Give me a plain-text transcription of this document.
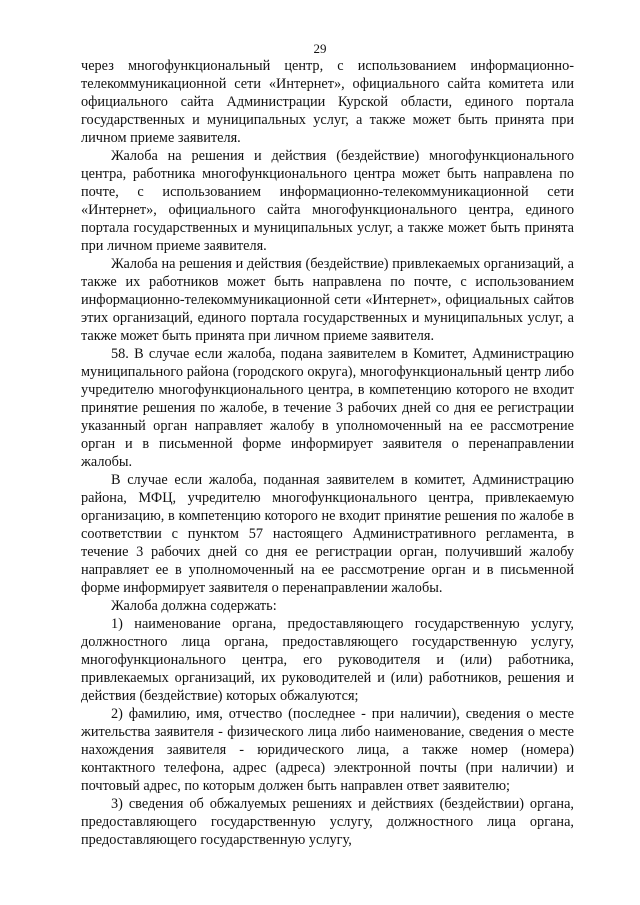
29

через многофункциональный центр, с использованием информационно-телекоммуникационной сети «Интернет», официального сайта комитета или официального сайта Администрации Курской области, единого портала государственных и муниципальных услуг, а также может быть принята при личном приеме заявителя.

Жалоба на решения и действия (бездействие) многофункционального центра, работника многофункционального центра может быть направлена по почте, с использованием информационно-телекоммуникационной сети «Интернет», официального сайта многофункционального центра, единого портала государственных и муниципальных услуг, а также может быть принята при личном приеме заявителя.

Жалоба на решения и действия (бездействие) привлекаемых организаций, а также их работников может быть направлена по почте, с использованием информационно-телекоммуникационной сети «Интернет», официальных сайтов этих организаций, единого портала государственных и муниципальных услуг, а также может быть принята при личном приеме заявителя.

58. В случае если жалоба, подана заявителем в Комитет, Администрацию муниципального района (городского округа), многофункциональный центр либо учредителю многофункционального центра, в компетенцию которого не входит принятие решения по жалобе, в течение 3 рабочих дней со дня ее регистрации указанный орган направляет жалобу в уполномоченный на ее рассмотрение орган и в письменной форме информирует заявителя о перенаправлении жалобы.

В случае если жалоба, поданная заявителем в комитет, Администрацию района, МФЦ, учредителю многофункционального центра, привлекаемую организацию, в компетенцию которого не входит принятие решения по жалобе в соответствии с пунктом 57 настоящего Административного регламента, в течение 3 рабочих дней со дня ее регистрации орган, получивший жалобу направляет ее в уполномоченный на ее рассмотрение орган и в письменной форме информирует заявителя о перенаправлении жалобы.

Жалоба должна содержать:

1) наименование органа, предоставляющего государственную услугу, должностного лица органа, предоставляющего государственную услугу, многофункционального центра, его руководителя и (или) работника, привлекаемых организаций, их руководителей и (или) работников, решения и действия (бездействие) которых обжалуются;

2) фамилию, имя, отчество (последнее - при наличии), сведения о месте жительства заявителя - физического лица либо наименование, сведения о месте нахождения заявителя - юридического лица, а также номер (номера) контактного телефона, адрес (адреса) электронной почты (при наличии) и почтовый адрес, по которым должен быть направлен ответ заявителю;

3) сведения об обжалуемых решениях и действиях (бездействии) органа, предоставляющего государственную услугу, должностного лица органа, предоставляющего государственную услугу,
